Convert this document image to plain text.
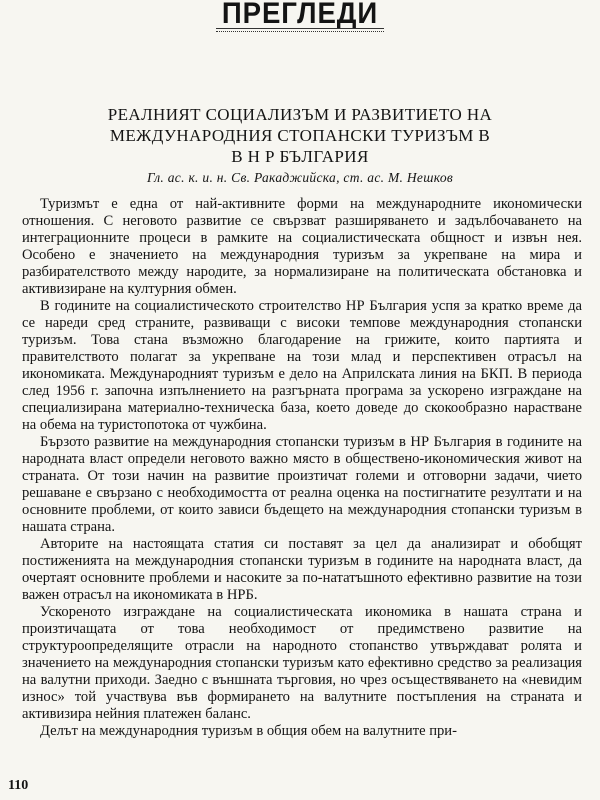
ПРЕГЛЕДИ
РЕАЛНИЯТ СОЦИАЛИЗЪМ И РАЗВИТИЕТО НА
МЕЖДУНАРОДНИЯ СТОПАНСКИ ТУРИЗЪМ В
В Н Р БЪЛГАРИЯ
Гл. ас. к. и. н. Св. Ракаджийска, ст. ас. М. Нешков

Туризмът е една от най-активните форми на международните икономически отношения. С неговото развитие се свързват разширяването и задълбочаването на интеграционните процеси в рамките на социалистическата общност и извън нея. Особено е значението на международния туризъм за укрепване на мира и разбирателството между народите, за нормализиране на политическата обстановка и активизиране на културния обмен.

В годините на социалистическото строителство НР България успя за кратко време да се нареди сред страните, развиващи с високи темпове международния стопански туризъм. Това стана възможно благодарение на грижите, които партията и правителството полагат за укрепване на този млад и перспективен отрасъл на икономиката. Международният туризъм е дело на Априлската линия на БКП. В периода след 1956 г. започна изпълнението на разгърната програма за ускорено изграждане на специализирана материално-техническа база, което доведе до скокообразно нарастване на обема на туристопотока от чужбина.

Бързото развитие на международния стопански туризъм в НР България в годините на народната власт определи неговото важно място в обществено-икономическия живот на страната. От този начин на развитие произтичат големи и отговорни задачи, чието решаване е свързано с необходимостта от реална оценка на постигнатите резултати и на основните проблеми, от които зависи бъдещето на международния стопански туризъм в нашата страна.

Авторите на настоящата статия си поставят за цел да анализират и обобщят постиженията на международния стопански туризъм в годините на народната власт, да очертаят основните проблеми и насоките за по-нататъшното ефективно развитие на този важен отрасъл на икономиката в НРБ.

Ускореното изграждане на социалистическата икономика в нашата страна и произтичащата от това необходимост от предимствено развитие на структуроопределящите отрасли на народното стопанство утвърждават ролята и значението на международния стопански туризъм като ефективно средство за реализация на валутни приходи. Заедно с външната търговия, но чрез осъществяването на «невидим износ» той участвува във формирането на валутните постъпления на страната и активизира нейния платежен баланс.

Делът на международния туризъм в общия обем на валутните при-

110
